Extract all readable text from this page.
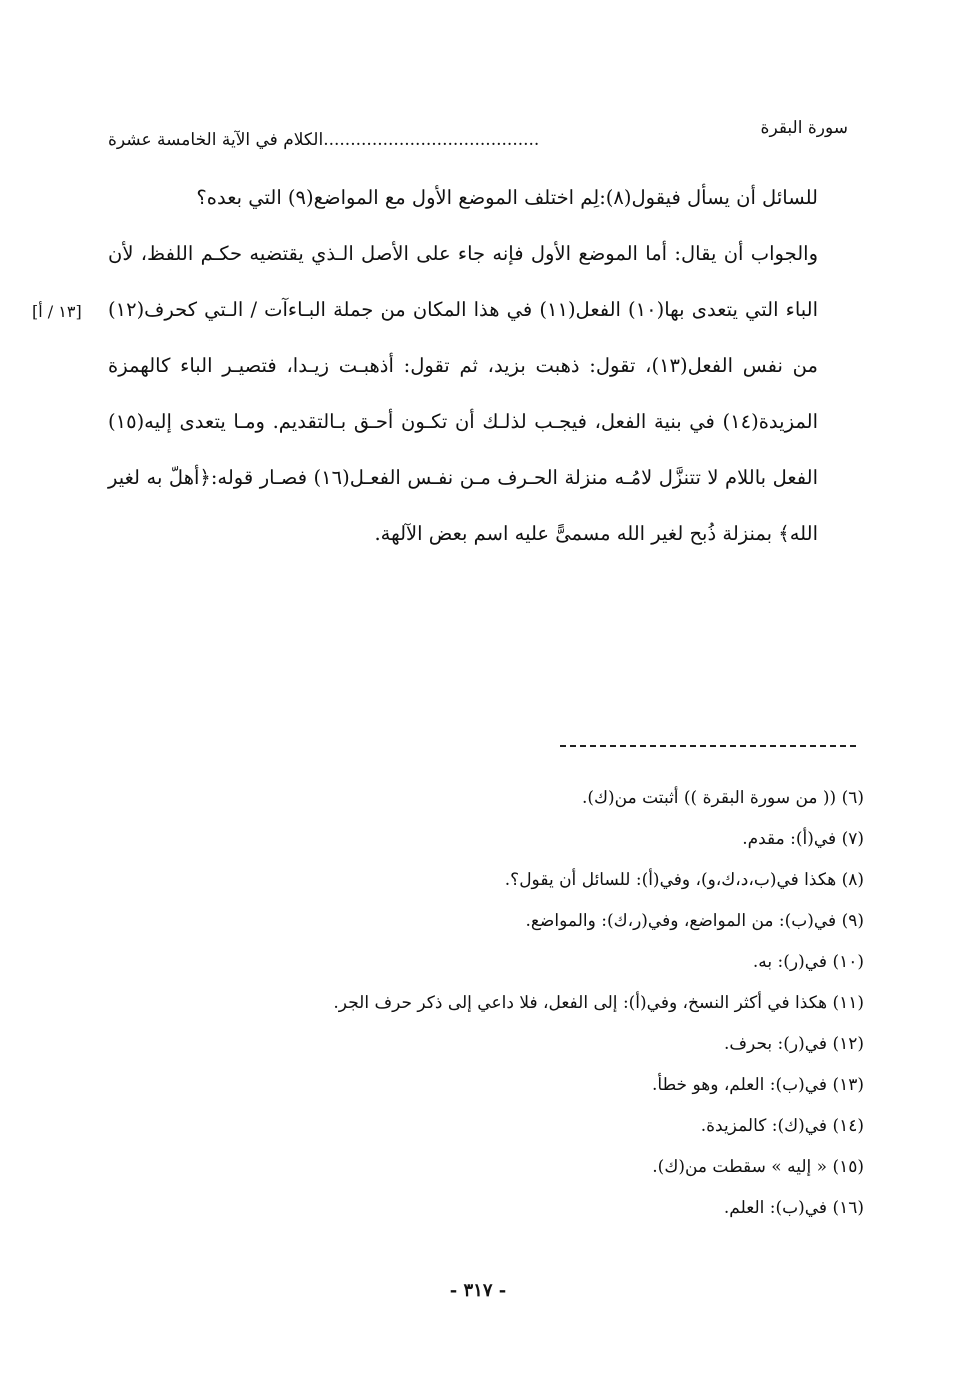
سورة البقرة
........................................الكلام في الآية الخامسة عشرة

للسائل أن يسأل فيقول(٨):لِم اختلف الموضع الأول مع المواضع(٩) التي بعده؟

والجواب أن يقال: أما الموضع الأول فإنه جاء على الأصل الـذي يقتضيه حكـم اللفظ، لأن الباء التي يتعدى بها(١٠) الفعل(١١) في هذا المكان من جملة البـاءآت / الـتي كحرف(١٢) من نفس الفعل(١٣)، تقول: ذهبت بزيد، ثم تقول: أذهبـت زيـدا، فتصيـر الباء كالهمزة المزيدة(١٤) في بنية الفعل، فيجـب لذلـك أن تكـون أحـق بـالتقديم. ومـا يتعدى إليه(١٥) الفعل باللام لا تتنزَّل لامُـه منزلة الحـرف مـن نفـس الفعـل(١٦) فصـار قوله:﴿أهلّ به لغير الله﴾ بمنزلة ذُبح لغير الله مسمىًّ عليه اسم بعض الآلهة.

[١٣ / أ]
(٦) (( من سورة البقرة )) أثبتت من(ك).
(٧) في(أ): مقدم.
(٨) هكذا في(ب،د،ك،و)، وفي(أ): للسائل أن يقول؟.
(٩) في(ب): من المواضع، وفي(ر،ك): والمواضع.
(١٠) في(ر): به.
(١١) هكذا في أكثر النسخ، وفي(أ): إلى الفعل، فلا داعي إلى ذكر حرف الجر.
(١٢) في(ر): بحرف.
(١٣) في(ب): العلم، وهو خطأ.
(١٤) في(ك): كالمزيدة.
(١٥) « إليه » سقطت من(ك).
(١٦) في(ب): العلم.
- ٣١٧ -
